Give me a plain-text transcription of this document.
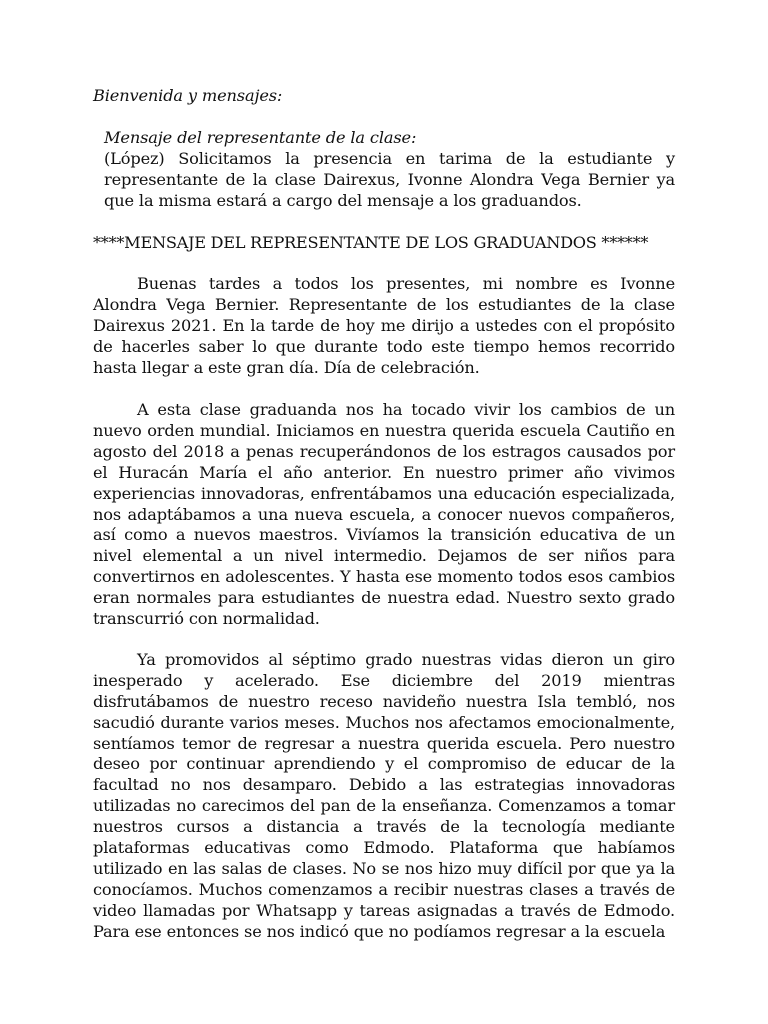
Bienvenida y mensajes:

Mensaje del representante de la clase:

(López) Solicitamos la presencia en tarima de la estudiante y representante de la clase Dairexus, Ivonne Alondra Vega Bernier ya que la misma estará a cargo del mensaje a los graduandos.

****MENSAJE DEL REPRESENTANTE DE LOS GRADUANDOS ******

Buenas tardes a todos los presentes, mi nombre es Ivonne Alondra Vega Bernier. Representante de los estudiantes de la clase Dairexus 2021. En la tarde de hoy me dirijo a ustedes con el propósito de hacerles saber lo que durante todo este tiempo hemos recorrido hasta llegar a este gran día. Día de celebración.

A esta clase graduanda nos ha tocado vivir los cambios de un nuevo orden mundial. Iniciamos en nuestra querida escuela Cautiño en agosto del 2018 a penas recuperándonos de los estragos causados por el Huracán María el año anterior. En nuestro primer año vivimos experiencias innovadoras, enfrentábamos una educación especializada, nos adaptábamos a una nueva escuela, a conocer nuevos compañeros, así como a nuevos maestros. Vivíamos la transición educativa de un nivel elemental a un nivel intermedio. Dejamos de ser niños para convertirnos en adolescentes. Y hasta ese momento todos esos cambios eran normales para estudiantes de nuestra edad. Nuestro sexto grado transcurrió con normalidad.

Ya promovidos al séptimo grado nuestras vidas dieron un giro inesperado y acelerado. Ese diciembre del 2019 mientras disfrutábamos de nuestro receso navideño nuestra Isla tembló, nos sacudió durante varios meses. Muchos nos afectamos emocionalmente, sentíamos temor de regresar a nuestra querida escuela. Pero nuestro deseo por continuar aprendiendo y el compromiso de educar de la facultad no nos desamparo. Debido a las estrategias innovadoras utilizadas no carecimos del pan de la enseñanza. Comenzamos a tomar nuestros cursos a distancia a través de la tecnología mediante plataformas educativas como Edmodo. Plataforma que habíamos utilizado en las salas de clases. No se nos hizo muy difícil por que ya la conocíamos. Muchos comenzamos a recibir nuestras clases a través de video llamadas por Whatsapp y tareas asignadas a través de Edmodo. Para ese entonces se nos indicó que no podíamos regresar a la escuela
